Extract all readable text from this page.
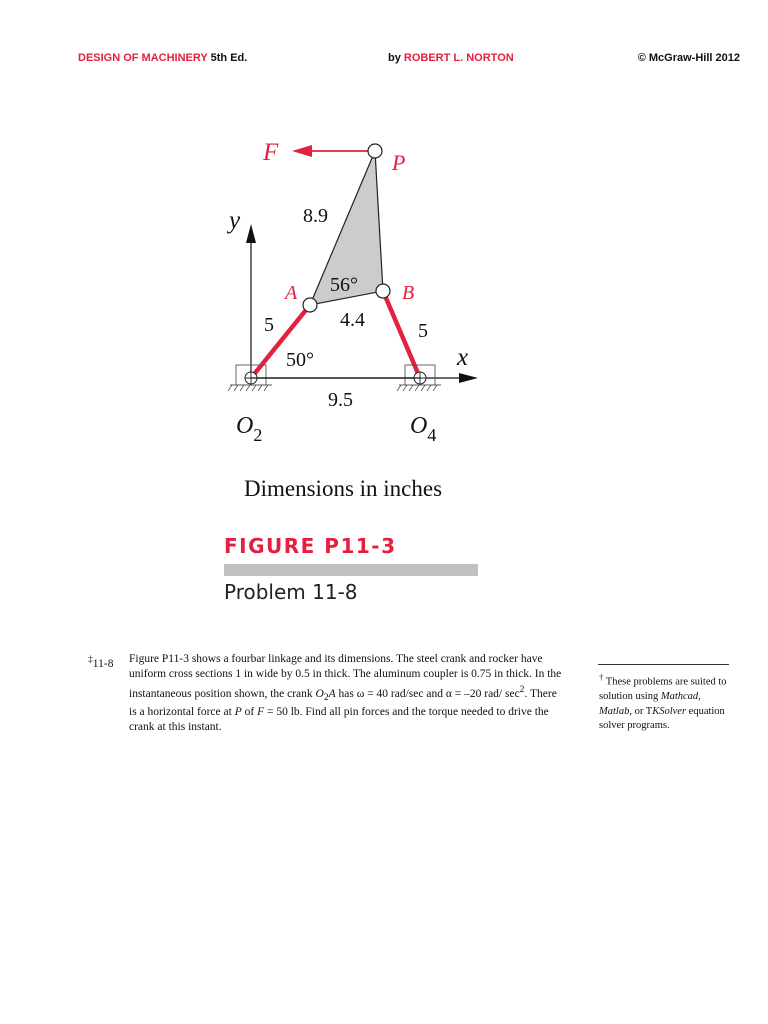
DESIGN OF MACHINERY 5th Ed.	by ROBERT L. NORTON	© McGraw-Hill 2012
F	P
y	8.9
56°
A	B
4.4
5	5
50°	x
9.5
$O_2$	$O_4$
Dimensions in inches
FIGURE P11-3
Problem 11-8
‡11-8 Figure P11-3 shows a fourbar linkage and its dimensions. The steel crank and rocker have uniform cross sections 1 in wide by 0.5 in thick. The aluminum coupler is 0.75 in thick. In the instantaneous position shown, the crank $O_2A$ has ω = 40 rad/sec and α = –20 rad/ $\sec^2$. There is a horizontal force at P of F = 50 lb. Find all pin forces and the torque needed to drive the crank at this instant.
† These problems are suited to solution using Mathcad, Matlab, or TKSolver equation solver programs.
